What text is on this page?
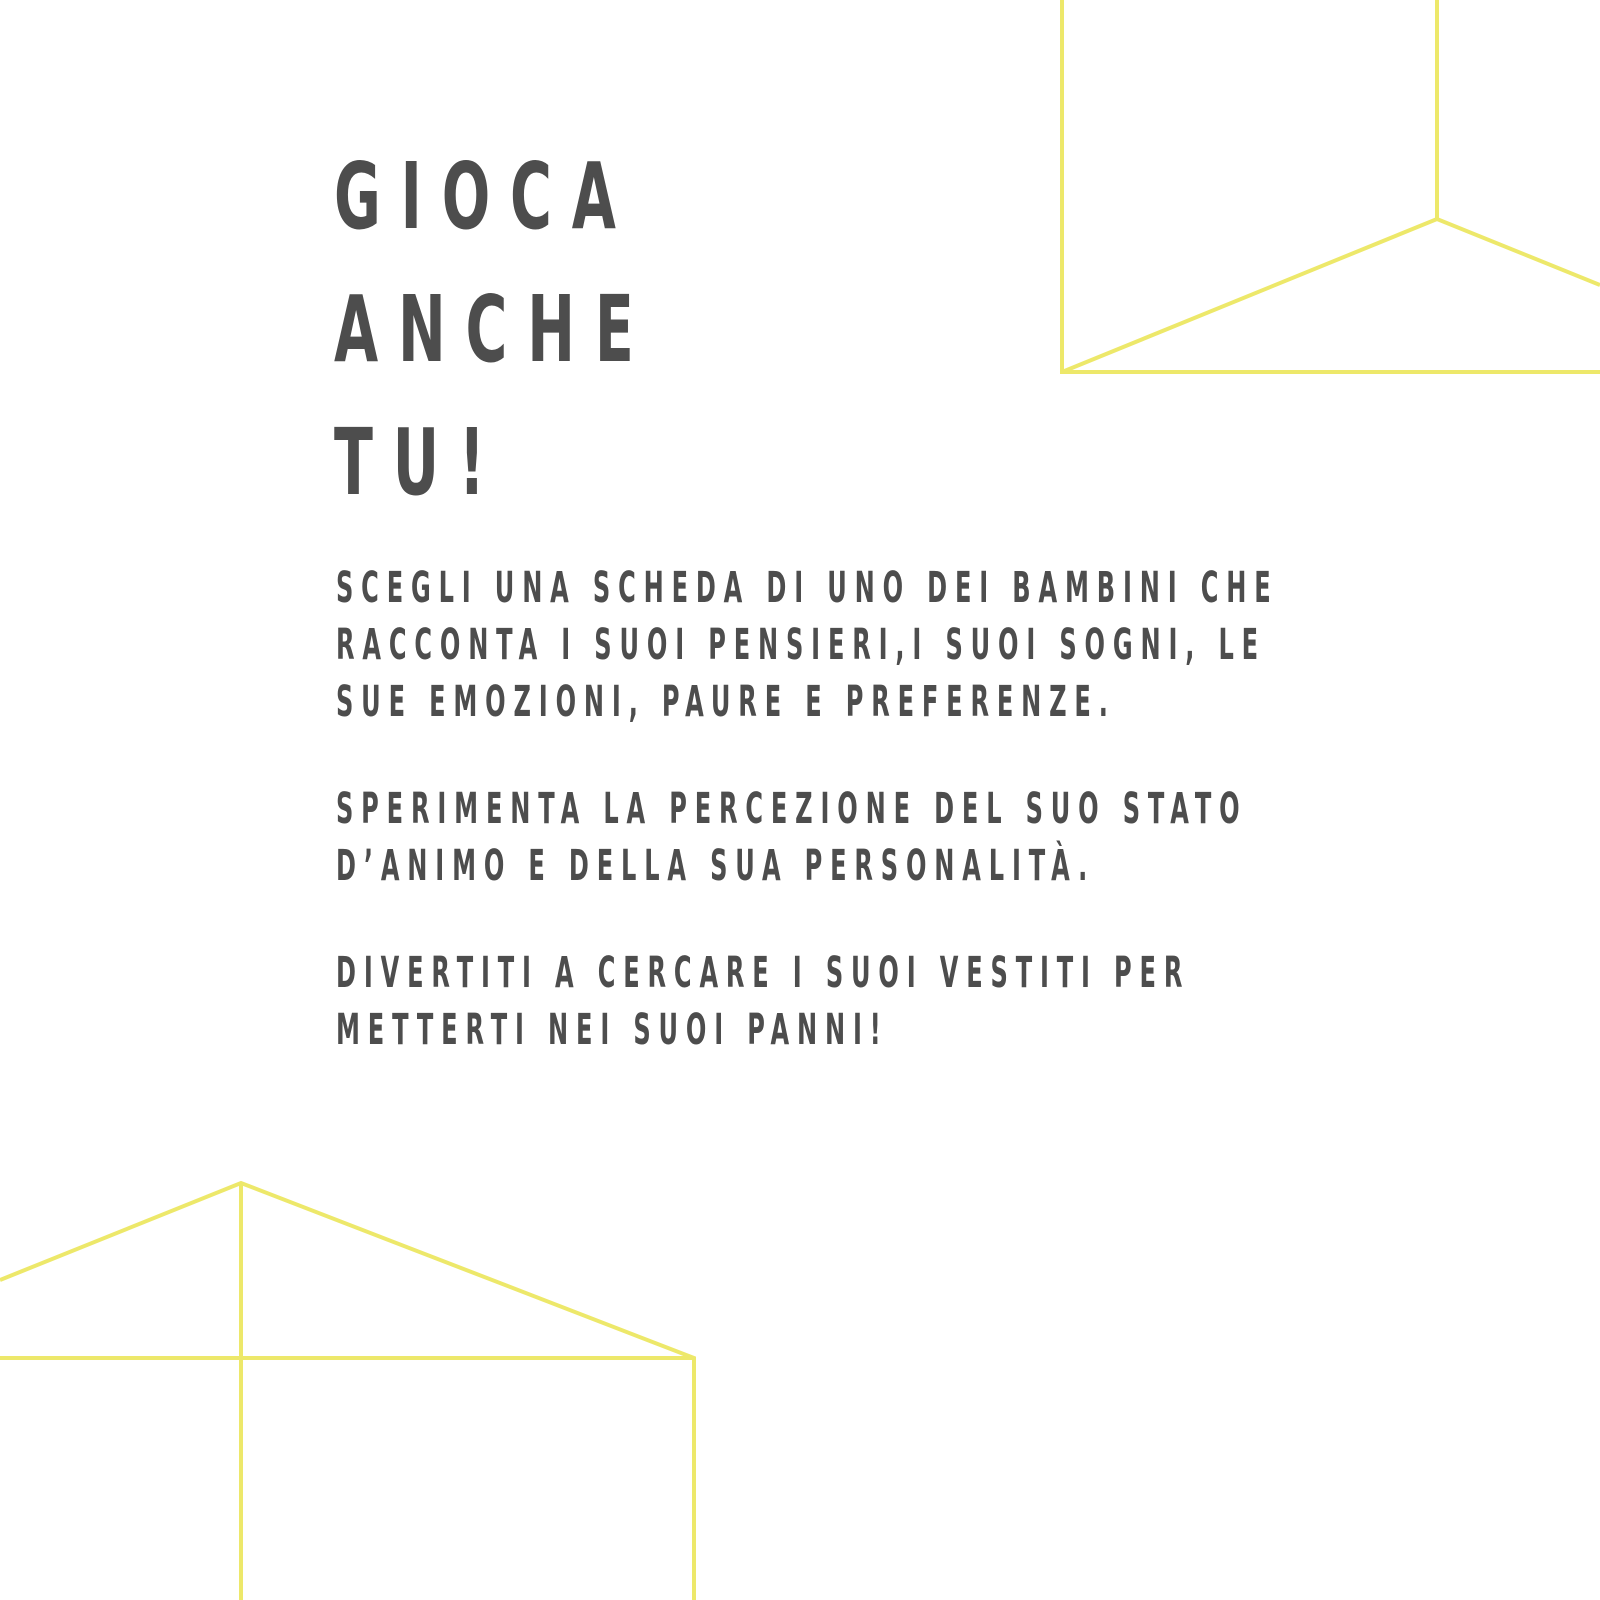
GIOCA
ANCHE
TU!

SCEGLI UNA SCHEDA DI UNO DEI BAMBINI CHE
RACCONTA I SUOI PENSIERI,I SUOI SOGNI, LE
SUE EMOZIONI, PAURE E PREFERENZE.

SPERIMENTA LA PERCEZIONE DEL SUO STATO
D’ANIMO E DELLA SUA PERSONALITÀ.

DIVERTITI A CERCARE I SUOI VESTITI PER
METTERTI NEI SUOI PANNI!
